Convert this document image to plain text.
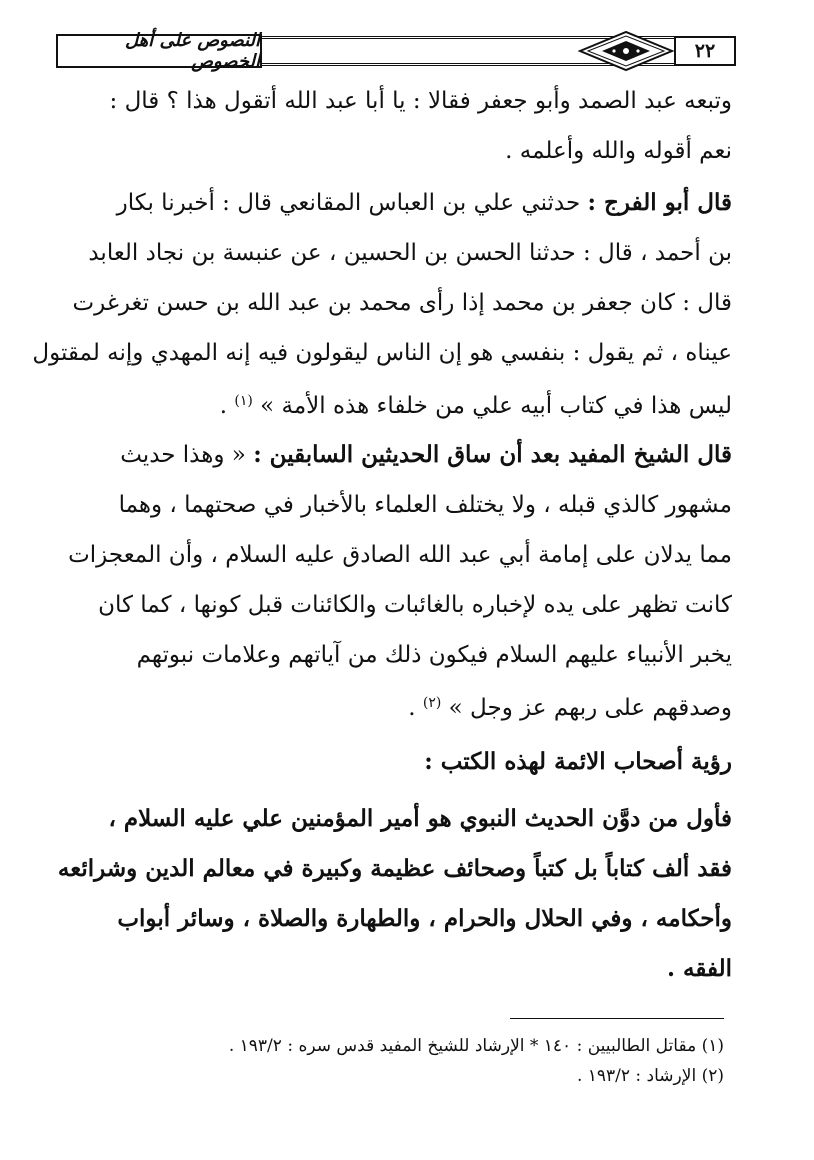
٢٢
النصوص على أهل الخصوص
وتبعه عبد الصمد وأبو جعفر فقالا : يا أبا عبد الله أتقول هذا ؟ قال :
نعم أقوله والله وأعلمه .
قال أبو الفرج : حدثني علي بن العباس المقانعي قال : أخبرنا بكار
بن أحمد ، قال : حدثنا الحسن بن الحسين ، عن عنبسة بن نجاد العابد
قال : كان جعفر بن محمد إذا رأى محمد بن عبد الله بن حسن تغرغرت
عيناه ، ثم يقول : بنفسي هو إن الناس ليقولون فيه إنه المهدي وإنه لمقتول
ليس هذا في كتاب أبيه علي من خلفاء هذه الأمة » $^{(١)}$ .
قال الشيخ المفيد بعد أن ساق الحديثين السابقين : « وهذا حديث
مشهور كالذي قبله ، ولا يختلف العلماء بالأخبار في صحتهما ، وهما
مما يدلان على إمامة أبي عبد الله الصادق عليه السلام ، وأن المعجزات
كانت تظهر على يده لإخباره بالغائبات والكائنات قبل كونها ، كما كان
يخبر الأنبياء عليهم السلام فيكون ذلك من آياتهم وعلامات نبوتهم
وصدقهم على ربهم عز وجل » $^{(٢)}$ .
رؤية أصحاب الائمة لهذه الكتب :
فأول من دوَّن الحديث النبوي هو أمير المؤمنين علي عليه السلام ،
فقد ألف كتاباً بل كتباً وصحائف عظيمة وكبيرة في معالم الدين وشرائعه
وأحكامه ، وفي الحلال والحرام ، والطهارة والصلاة ، وسائر أبواب
الفقه .
(١) مقاتل الطالبيين : ١٤٠ * الإرشاد للشيخ المفيد قدس سره : ١٩٣/٢ .
(٢) الإرشاد : ١٩٣/٢ .
